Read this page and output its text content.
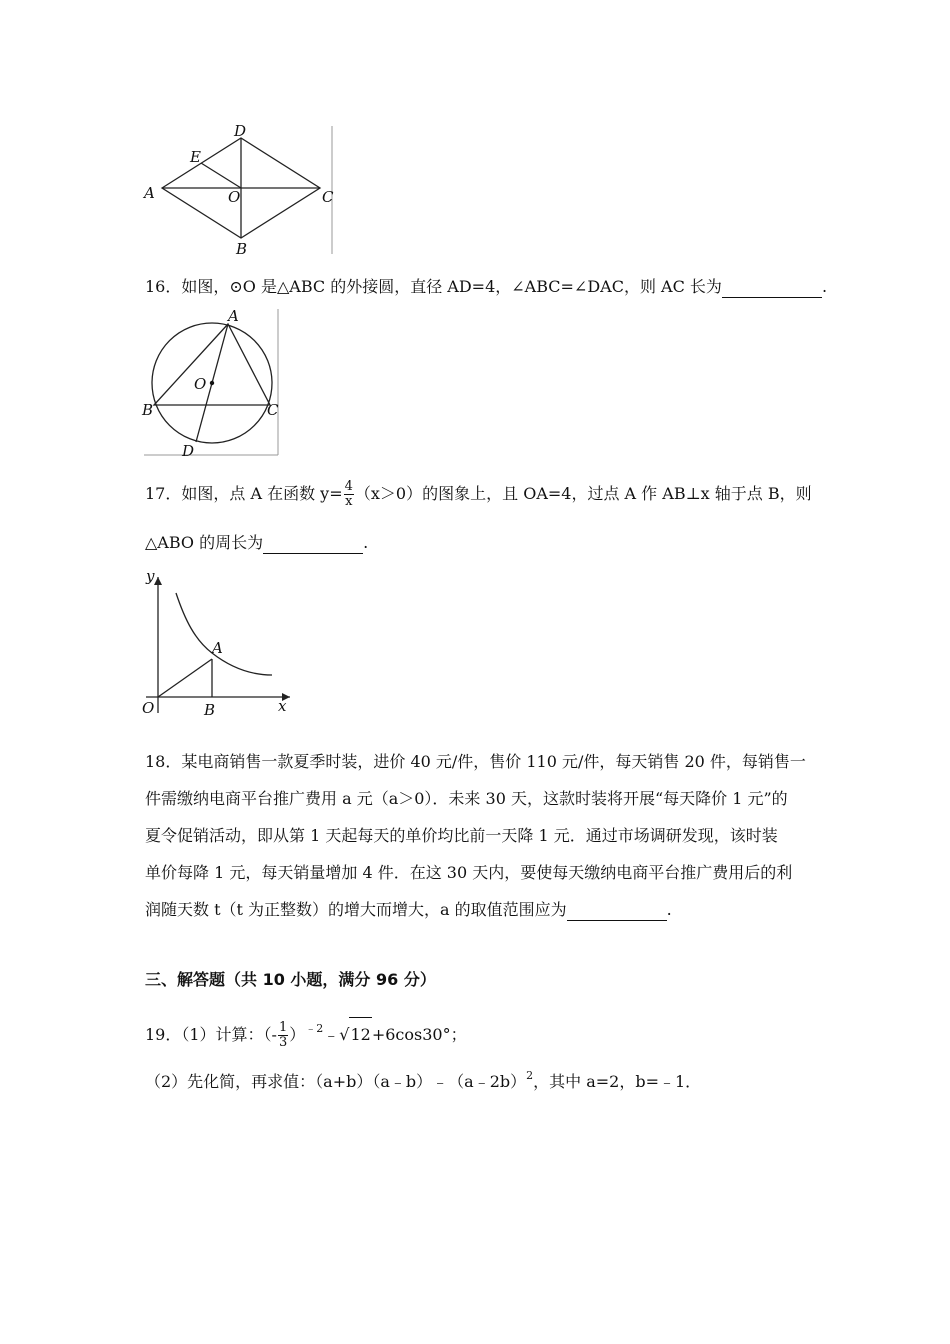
A
B
C
D
E
O
16．如图，⊙O 是△ABC 的外接圆，直径 AD=4，∠ABC=∠DAC，则 AC 长为	.
A
B	C
D
O
17．如图，点 A 在函数 $y= \frac{4}{x} (x>0)$的图象上，且 OA=4，过点 A 作 AB⊥x 轴于点 B，则
△ABO 的周长为	.
y
x
O
A
B
18．某电商销售一款夏季时装，进价 40 元/件，售价 110 元/件，每天销售 20 件，每销售一
件需缴纳电商平台推广费用 a 元（a＞0）．未来 30 天，这款时装将开展“每天降价 1 元”的
夏令促销活动，即从第 1 天起每天的单价均比前一天降 1 元．通过市场调研发现，该时装
单价每降 1 元，每天销量增加 4 件．在这 30 天内，要使每天缴纳电商平台推广费用后的利
润随天数 t（t 为正整数）的增大而增大，a 的取值范围应为	.
三、解答题（共 10 小题，满分 96 分）
19．（1）计算：（- $\frac{1}{3}$ ）$^{﹣2}$﹣√12+6cos30°；
（2）先化简，再求值：（a+b）（a﹣b）﹣（a﹣2b）$^2$，其中 a=2，b=﹣1．
